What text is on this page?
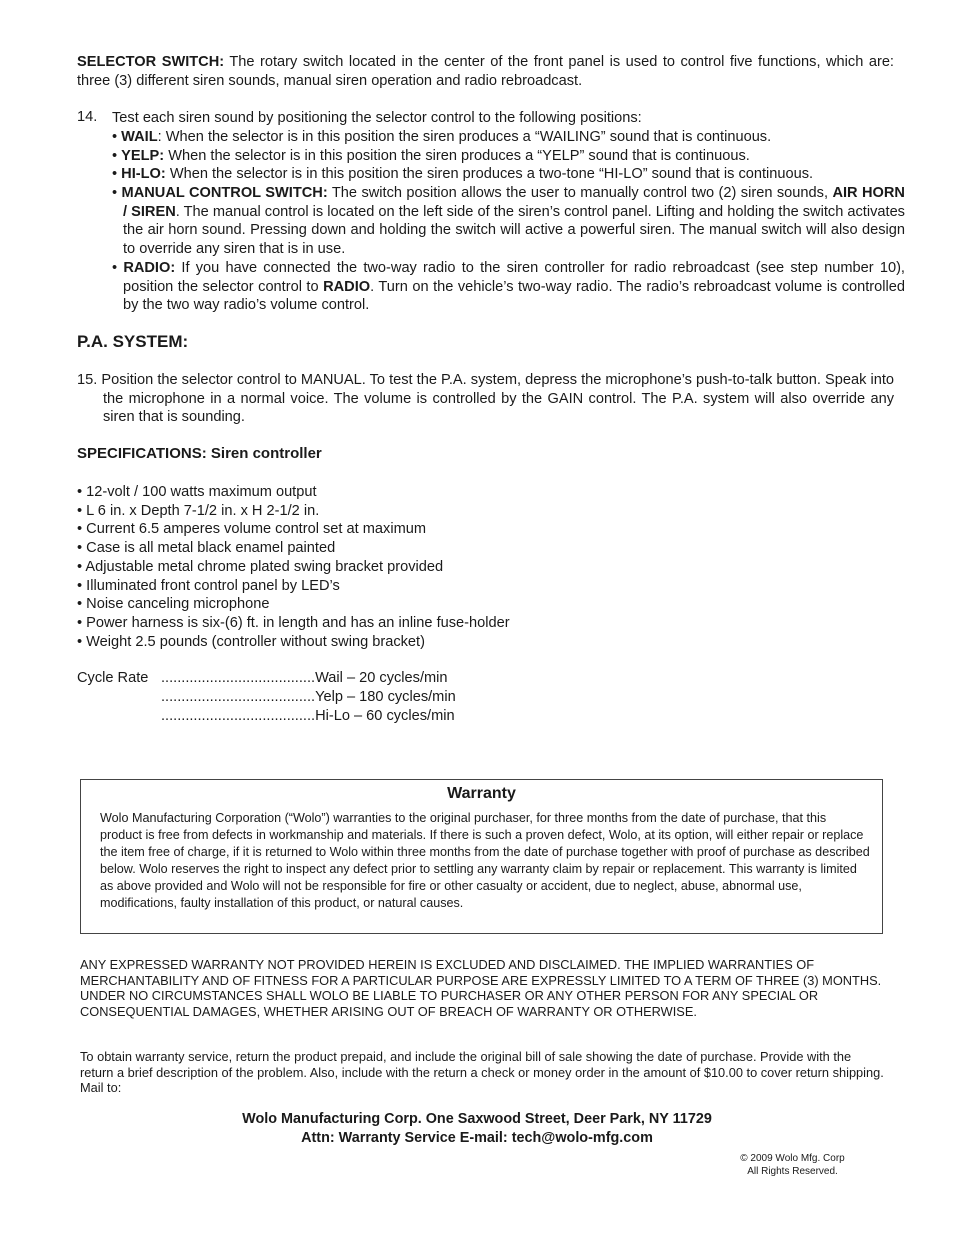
SELECTOR SWITCH: The rotary switch located in the center of the front panel is used to control five functions, which are: three (3) different siren sounds, manual siren operation and radio rebroadcast.
14. Test each siren sound by positioning the selector control to the following positions:
• WAIL: When the selector is in this position the siren produces a “WAILING” sound that is continuous.
• YELP: When the selector is in this position the siren produces a “YELP” sound that is continuous.
• HI-LO: When the selector is in this position the siren produces a two-tone “HI-LO” sound that is continuous.
• MANUAL CONTROL SWITCH: The switch position allows the user to manually control two (2) siren sounds, AIR HORN / SIREN. The manual control is located on the left side of the siren’s control panel. Lifting and holding the switch activates the air horn sound. Pressing down and holding the switch will active a powerful siren. The manual switch will also design to override any siren that is in use.
• RADIO: If you have connected the two-way radio to the siren controller for radio rebroadcast (see step number 10), position the selector control to RADIO. Turn on the vehicle’s two-way radio. The radio’s rebroadcast volume is controlled by the two way radio’s volume control.
P.A. SYSTEM:
15. Position the selector control to MANUAL. To test the P.A. system, depress the microphone’s push-to-talk button. Speak into the microphone in a normal voice. The volume is controlled by the GAIN control. The P.A. system will also override any siren that is sounding.
SPECIFICATIONS: Siren controller
• 12-volt / 100 watts maximum output
• L 6 in. x Depth 7-1/2 in. x H 2-1/2 in.
• Current 6.5 amperes volume control set at maximum
• Case is all metal black enamel painted
• Adjustable metal chrome plated swing bracket provided
• Illuminated front control panel by LED’s
• Noise canceling microphone
• Power harness is six-(6) ft. in length and has an inline fuse-holder
• Weight 2.5 pounds (controller without swing bracket)
Cycle Rate ......................................Wail – 20 cycles/min
......................................Yelp – 180 cycles/min
......................................Hi-Lo – 60 cycles/min
Warranty
Wolo Manufacturing Corporation (“Wolo”) warranties to the original purchaser, for three months from the date of purchase, that this product is free from defects in workmanship and materials. If there is such a proven defect, Wolo, at its option, will either repair or replace the item free of charge, if it is returned to Wolo within three months from the date of purchase together with proof of purchase as described below. Wolo reserves the right to inspect any defect prior to settling any warranty claim by repair or replacement. This warranty is limited as above provided and Wolo will not be responsible for fire or other casualty or accident, due to neglect, abuse, abnormal use, modifications, faulty installation of this product, or natural causes.
ANY EXPRESSED WARRANTY NOT PROVIDED HEREIN IS EXCLUDED AND DISCLAIMED. THE IMPLIED WARRANTIES OF MERCHANTABILITY AND OF FITNESS FOR A PARTICULAR PURPOSE ARE EXPRESSLY LIMITED TO A TERM OF THREE (3) MONTHS. UNDER NO CIRCUMSTANCES SHALL WOLO BE LIABLE TO PURCHASER OR ANY OTHER PERSON FOR ANY SPECIAL OR CONSEQUENTIAL DAMAGES, WHETHER ARISING OUT OF BREACH OF WARRANTY OR OTHERWISE.
To obtain warranty service, return the product prepaid, and include the original bill of sale showing the date of purchase. Provide with the return a brief description of the problem. Also, include with the return a check or money order in the amount of $10.00 to cover return shipping. Mail to:
Wolo Manufacturing Corp. One Saxwood Street, Deer Park, NY 11729
Attn: Warranty Service E-mail: tech@wolo-mfg.com
© 2009 Wolo Mfg. Corp
All Rights Reserved.
